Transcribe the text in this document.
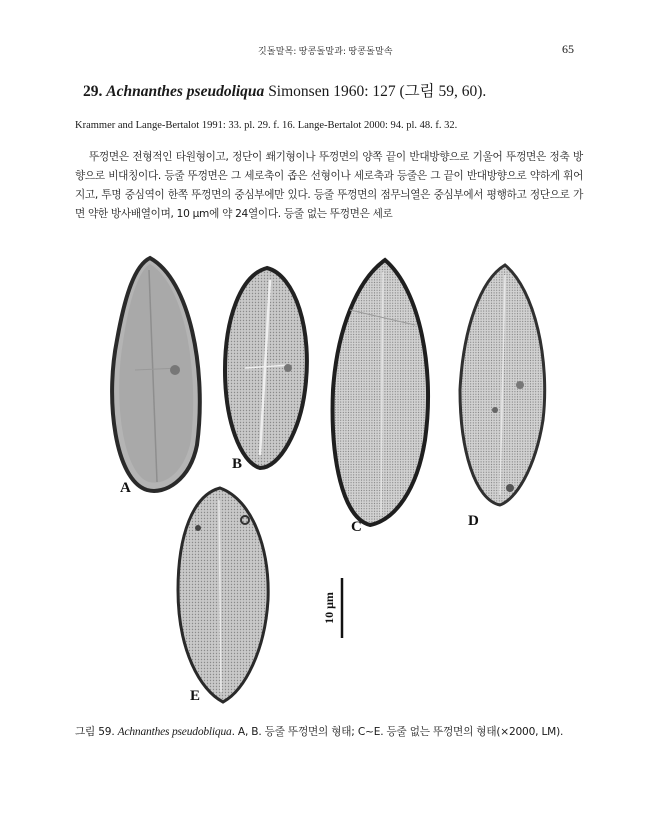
깃돌말목: 땅콩돌말과: 땅콩돌말속	65
29. Achnanthes pseudoliqua Simonsen 1960: 127 (그림 59, 60).
Krammer and Lange-Bertalot 1991: 33. pl. 29. f. 16. Lange-Bertalot 2000: 94. pl. 48. f. 32.
뚜껑면은 전형적인 타원형이고, 정단이 쐐기형이나 뚜껑면의 양쪽 끝이 반대방향으로 기울어 뚜껑면은 정축 방향으로 비대칭이다. 등줄 뚜껑면은 그 세로축이 좁은 선형이나 세로축과 등줄은 그 끝이 반대방향으로 약하게 휘어지고, 투명 중심역이 한쪽 뚜껑면의 중심부에만 있다. 등줄 뚜껑면의 점무늬열은 중심부에서 평행하고 정단으로 가면 약한 방사배열이며, 10 μm에 약 24열이다. 등줄 없는 뚜껑면은 세로
A
B
C	D
E
10 μm
그림 59. Achnanthes pseudobliqua. A, B. 등줄 뚜껑면의 형태; C~E. 등줄 없는 뚜껑면의 형태(×2000, LM).
